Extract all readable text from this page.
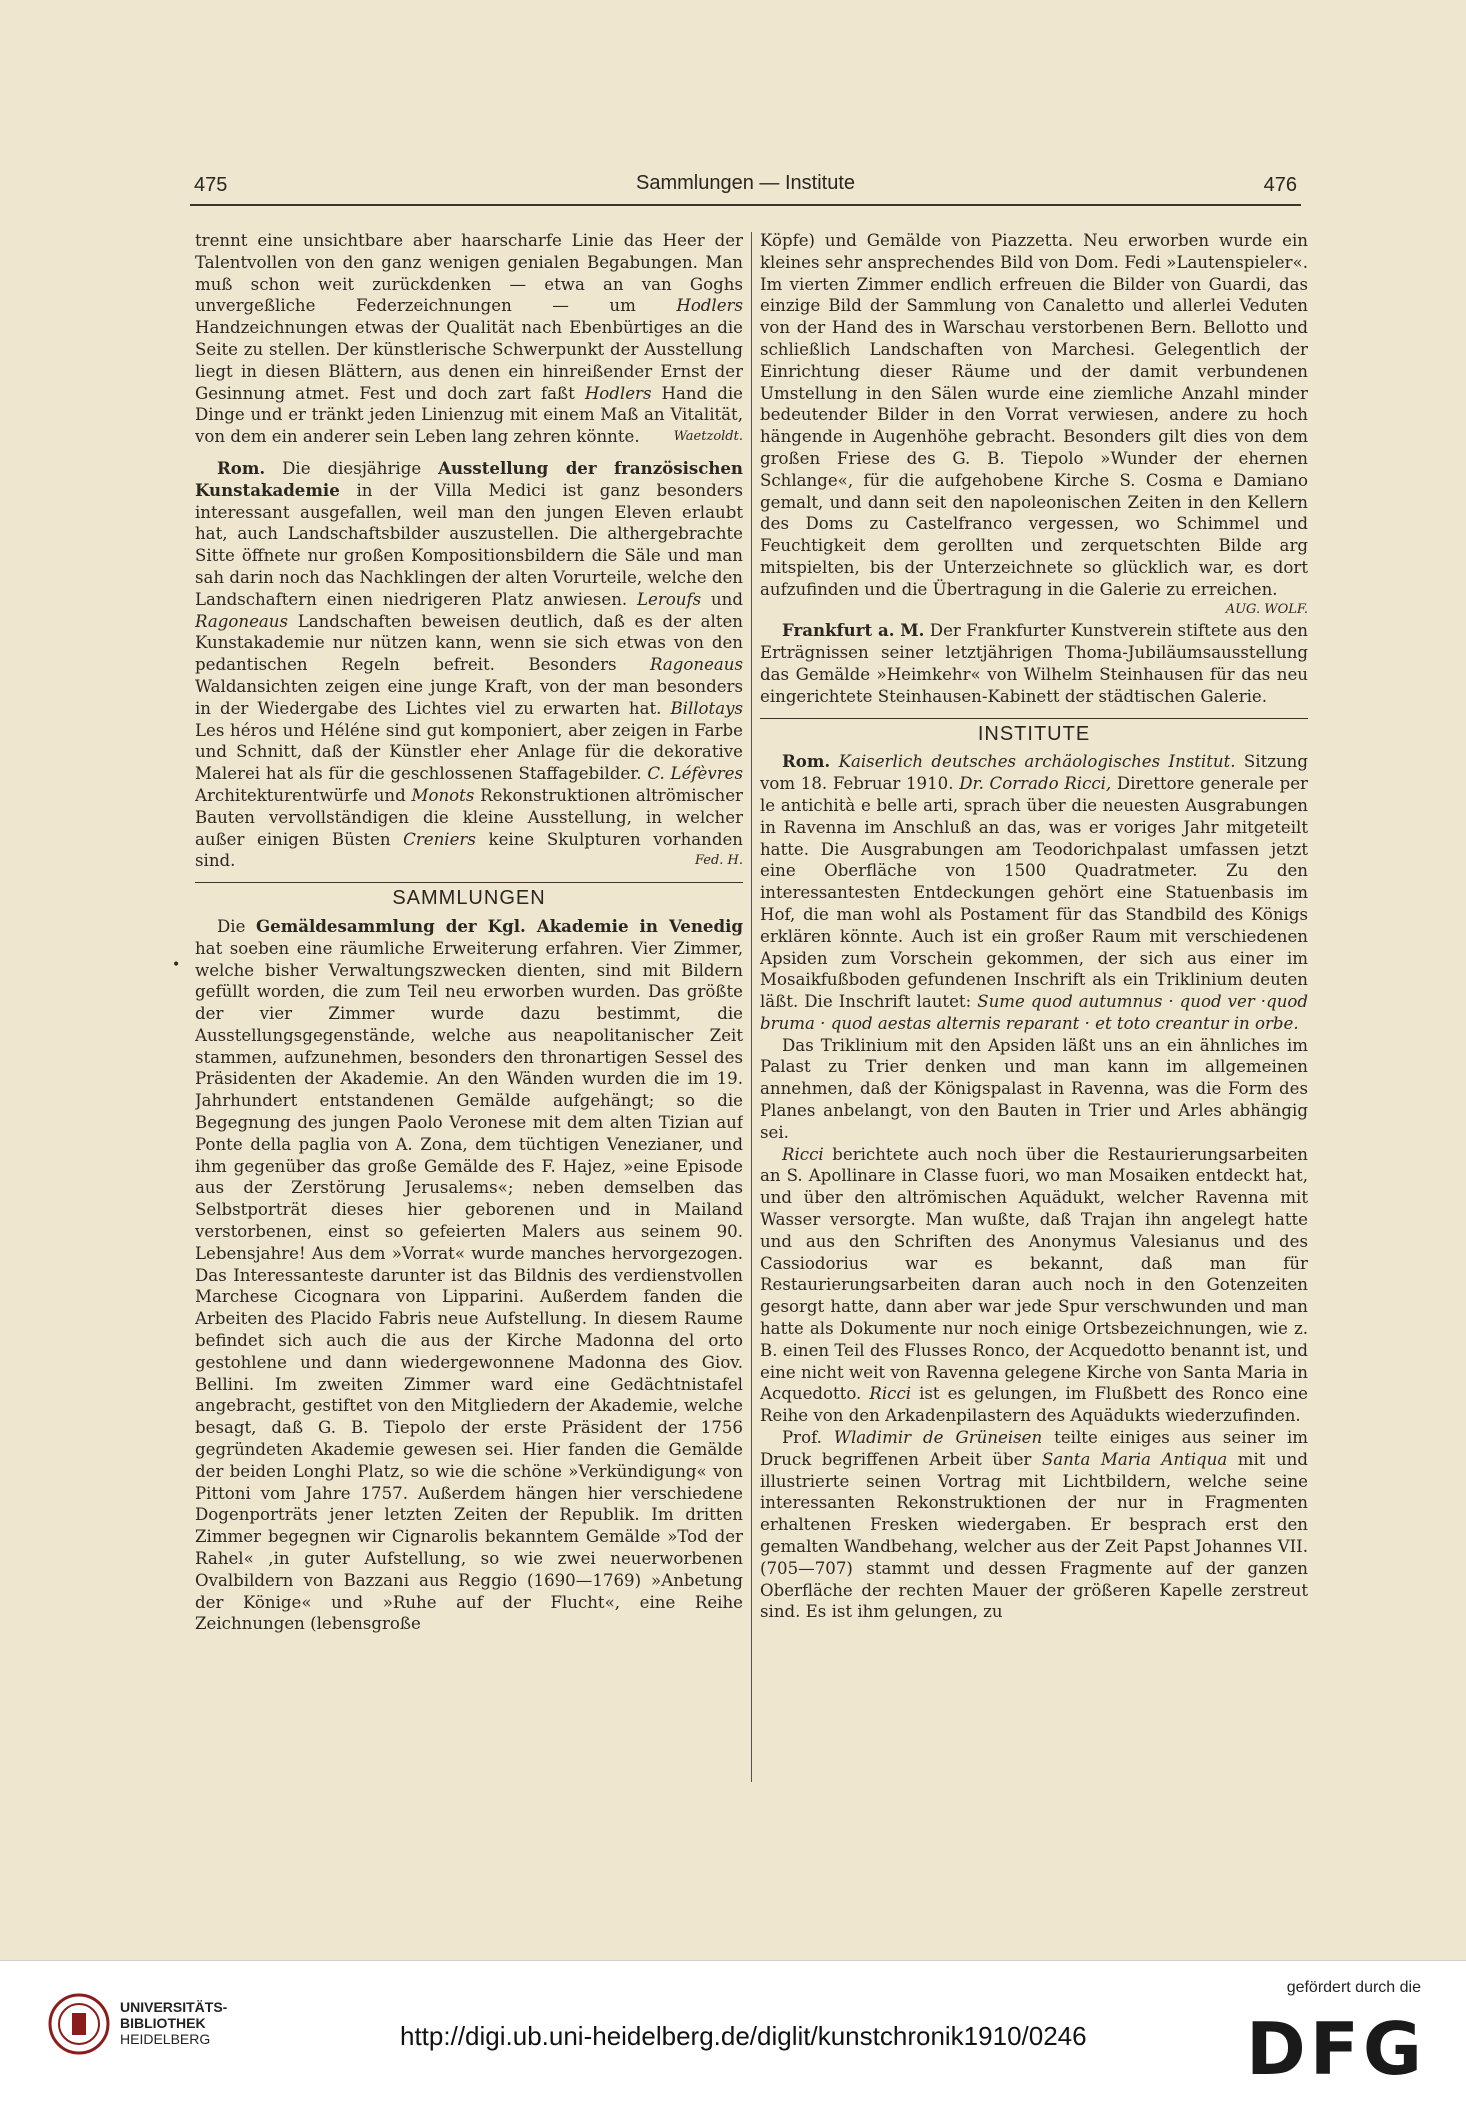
475	Sammlungen — Institute	476
•

trennt eine unsichtbare aber haarscharfe Linie das Heer der Talentvollen von den ganz wenigen genialen Begabungen. Man muß schon weit zurückdenken — etwa an van Goghs unvergeßliche Federzeichnungen — um Hodlers Handzeichnungen etwas der Qualität nach Ebenbürtiges an die Seite zu stellen. Der künstlerische Schwerpunkt der Ausstellung liegt in diesen Blättern, aus denen ein hinreißender Ernst der Gesinnung atmet. Fest und doch zart faßt Hodlers Hand die Dinge und er tränkt jeden Linienzug mit einem Maß an Vitalität, von dem ein anderer sein Leben lang zehren könnte.	Waetzoldt.

Rom. Die diesjährige Ausstellung der französischen Kunstakademie in der Villa Medici ist ganz besonders interessant ausgefallen, weil man den jungen Eleven erlaubt hat, auch Landschaftsbilder auszustellen. Die althergebrachte Sitte öffnete nur großen Kompositionsbildern die Säle und man sah darin noch das Nachklingen der alten Vorurteile, welche den Landschaftern einen niedrigeren Platz anwiesen. Leroufs und Ragoneaus Landschaften beweisen deutlich, daß es der alten Kunstakademie nur nützen kann, wenn sie sich etwas von den pedantischen Regeln befreit. Besonders Ragoneaus Waldansichten zeigen eine junge Kraft, von der man besonders in der Wiedergabe des Lichtes viel zu erwarten hat. Billotays Les héros und Héléne sind gut komponiert, aber zeigen in Farbe und Schnitt, daß der Künstler eher Anlage für die dekorative Malerei hat als für die geschlossenen Staffagebilder. C. Léfèvres Architekturentwürfe und Monots Rekonstruktionen altrömischer Bauten vervollständigen die kleine Ausstellung, in welcher außer einigen Büsten Creniers keine Skulpturen vorhanden sind.	Fed. H.

SAMMLUNGEN

Die Gemäldesammlung der Kgl. Akademie in Venedig hat soeben eine räumliche Erweiterung erfahren. Vier Zimmer, welche bisher Verwaltungszwecken dienten, sind mit Bildern gefüllt worden, die zum Teil neu erworben wurden. Das größte der vier Zimmer wurde dazu bestimmt, die Ausstellungsgegenstände, welche aus neapolitanischer Zeit stammen, aufzunehmen, besonders den thronartigen Sessel des Präsidenten der Akademie. An den Wänden wurden die im 19. Jahrhundert entstandenen Gemälde aufgehängt; so die Begegnung des jungen Paolo Veronese mit dem alten Tizian auf Ponte della paglia von A. Zona, dem tüchtigen Venezianer, und ihm gegenüber das große Gemälde des F. Hajez, »eine Episode aus der Zerstörung Jerusalems«; neben demselben das Selbstporträt dieses hier geborenen und in Mailand verstorbenen, einst so gefeierten Malers aus seinem 90. Lebensjahre! Aus dem »Vorrat« wurde manches hervorgezogen. Das Interessanteste darunter ist das Bildnis des verdienstvollen Marchese Cicognara von Lipparini. Außerdem fanden die Arbeiten des Placido Fabris neue Aufstellung. In diesem Raume befindet sich auch die aus der Kirche Madonna del orto gestohlene und dann wiedergewonnene Madonna des Giov. Bellini. Im zweiten Zimmer ward eine Gedächtnistafel angebracht, gestiftet von den Mitgliedern der Akademie, welche besagt, daß G. B. Tiepolo der erste Präsident der 1756 gegründeten Akademie gewesen sei. Hier fanden die Gemälde der beiden Longhi Platz, so wie die schöne »Verkündigung« von Pittoni vom Jahre 1757. Außerdem hängen hier verschiedene Dogenporträts jener letzten Zeiten der Republik. Im dritten Zimmer begegnen wir Cignarolis bekanntem Gemälde »Tod der Rahel« ,in guter Aufstellung, so wie zwei neuerworbenen Ovalbildern von Bazzani aus Reggio (1690—1769) »Anbetung der Könige« und »Ruhe auf der Flucht«, eine Reihe Zeichnungen (lebensgroße

Köpfe) und Gemälde von Piazzetta. Neu erworben wurde ein kleines sehr ansprechendes Bild von Dom. Fedi »Lautenspieler«. Im vierten Zimmer endlich erfreuen die Bilder von Guardi, das einzige Bild der Sammlung von Canaletto und allerlei Veduten von der Hand des in Warschau verstorbenen Bern. Bellotto und schließlich Landschaften von Marchesi. Gelegentlich der Einrichtung dieser Räume und der damit verbundenen Umstellung in den Sälen wurde eine ziemliche Anzahl minder bedeutender Bilder in den Vorrat verwiesen, andere zu hoch hängende in Augenhöhe gebracht. Besonders gilt dies von dem großen Friese des G. B. Tiepolo »Wunder der ehernen Schlange«, für die aufgehobene Kirche S. Cosma e Damiano gemalt, und dann seit den napoleonischen Zeiten in den Kellern des Doms zu Castelfranco vergessen, wo Schimmel und Feuchtigkeit dem gerollten und zerquetschten Bilde arg mitspielten, bis der Unterzeichnete so glücklich war, es dort aufzufinden und die Übertragung in die Galerie zu erreichen.

AUG. WOLF.

Frankfurt a. M. Der Frankfurter Kunstverein stiftete aus den Erträgnissen seiner letztjährigen Thoma-Jubiläumsausstellung das Gemälde »Heimkehr« von Wilhelm Steinhausen für das neu eingerichtete Steinhausen-Kabinett der städtischen Galerie.

INSTITUTE

Rom. Kaiserlich deutsches archäologisches Institut. Sitzung vom 18. Februar 1910. Dr. Corrado Ricci, Direttore generale per le antichità e belle arti, sprach über die neuesten Ausgrabungen in Ravenna im Anschluß an das, was er voriges Jahr mitgeteilt hatte. Die Ausgrabungen am Teodorichpalast umfassen jetzt eine Oberfläche von 1500 Quadratmeter. Zu den interessantesten Entdeckungen gehört eine Statuenbasis im Hof, die man wohl als Postament für das Standbild des Königs erklären könnte. Auch ist ein großer Raum mit verschiedenen Apsiden zum Vorschein gekommen, der sich aus einer im Mosaikfußboden gefundenen Inschrift als ein Triklinium deuten läßt. Die Inschrift lautet: Sume quod autumnus · quod ver ·quod bruma · quod aestas alternis reparant · et toto creantur in orbe.

Das Triklinium mit den Apsiden läßt uns an ein ähnliches im Palast zu Trier denken und man kann im allgemeinen annehmen, daß der Königspalast in Ravenna, was die Form des Planes anbelangt, von den Bauten in Trier und Arles abhängig sei.

Ricci berichtete auch noch über die Restaurierungsarbeiten an S. Apollinare in Classe fuori, wo man Mosaiken entdeckt hat, und über den altrömischen Aquädukt, welcher Ravenna mit Wasser versorgte. Man wußte, daß Trajan ihn angelegt hatte und aus den Schriften des Anonymus Valesianus und des Cassiodorius war es bekannt, daß man für Restaurierungsarbeiten daran auch noch in den Gotenzeiten gesorgt hatte, dann aber war jede Spur verschwunden und man hatte als Dokumente nur noch einige Ortsbezeichnungen, wie z. B. einen Teil des Flusses Ronco, der Acquedotto benannt ist, und eine nicht weit von Ravenna gelegene Kirche von Santa Maria in Acquedotto. Ricci ist es gelungen, im Flußbett des Ronco eine Reihe von den Arkadenpilastern des Aquädukts wiederzufinden.

Prof. Wladimir de Grüneisen teilte einiges aus seiner im Druck begriffenen Arbeit über Santa Maria Antiqua mit und illustrierte seinen Vortrag mit Lichtbildern, welche seine interessanten Rekonstruktionen der nur in Fragmenten erhaltenen Fresken wiedergaben. Er besprach erst den gemalten Wandbehang, welcher aus der Zeit Papst Johannes VII. (705—707) stammt und dessen Fragmente auf der ganzen Oberfläche der rechten Mauer der größeren Kapelle zerstreut sind. Es ist ihm gelungen, zu

UNIVERSITÄTS-
BIBLIOTHEK
HEIDELBERG	http://digi.ub.uni-heidelberg.de/diglit/kunstchronik1910/0246
gefördert durch die
DFG
